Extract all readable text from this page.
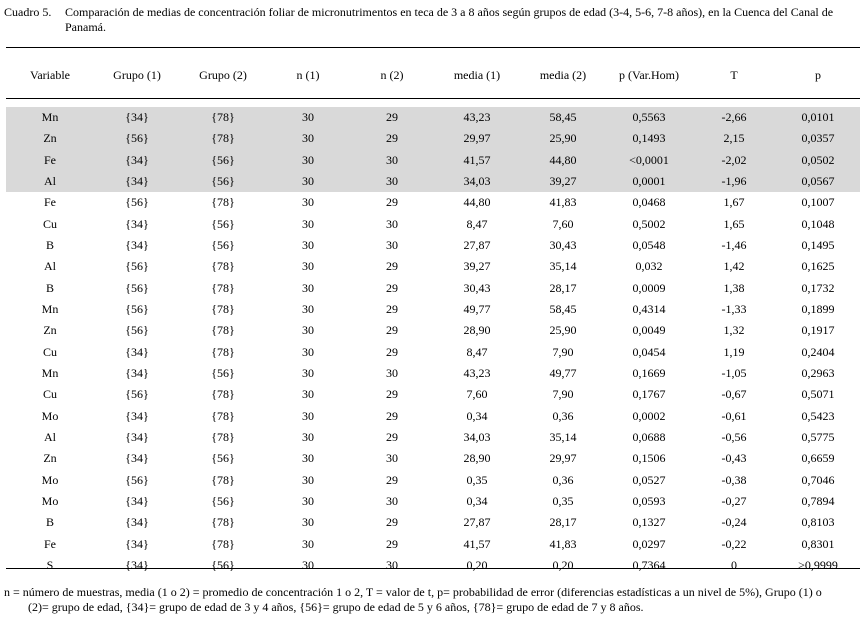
Cuadro 5. Comparación de medias de concentración foliar de micronutrimentos en teca de 3 a 8 años según grupos de edad (3-4, 5-6, 7-8 años), en la Cuenca del Canal de Panamá.
Variable	Grupo (1)	Grupo (2)	n (1)	n (2)	media (1)	media (2)	p (Var.Hom)	T	p

Mn	{34}	{78}	30	29	43,23	58,45	0,5563	-2,66	0,0101
Zn	{56}	{78}	30	29	29,97	25,90	0,1493	2,15	0,0357
Fe	{34}	{56}	30	30	41,57	44,80	<0,0001	-2,02	0,0502
Al	{34}	{56}	30	30	34,03	39,27	0,0001	-1,96	0,0567
Fe	{56}	{78}	30	29	44,80	41,83	0,0468	1,67	0,1007
Cu	{34}	{56}	30	30	8,47	7,60	0,5002	1,65	0,1048
B	{34}	{56}	30	30	27,87	30,43	0,0548	-1,46	0,1495
Al	{56}	{78}	30	29	39,27	35,14	0,032	1,42	0,1625
B	{56}	{78}	30	29	30,43	28,17	0,0009	1,38	0,1732
Mn	{56}	{78}	30	29	49,77	58,45	0,4314	-1,33	0,1899
Zn	{56}	{78}	30	29	28,90	25,90	0,0049	1,32	0,1917
Cu	{34}	{78}	30	29	8,47	7,90	0,0454	1,19	0,2404
Mn	{34}	{56}	30	30	43,23	49,77	0,1669	-1,05	0,2963
Cu	{56}	{78}	30	29	7,60	7,90	0,1767	-0,67	0,5071
Mo	{34}	{78}	30	29	0,34	0,36	0,0002	-0,61	0,5423
Al	{34}	{78}	30	29	34,03	35,14	0,0688	-0,56	0,5775
Zn	{34}	{56}	30	30	28,90	29,97	0,1506	-0,43	0,6659
Mo	{56}	{78}	30	29	0,35	0,36	0,0527	-0,38	0,7046
Mo	{34}	{56}	30	30	0,34	0,35	0,0593	-0,27	0,7894
B	{34}	{78}	30	29	27,87	28,17	0,1327	-0,24	0,8103
Fe	{34}	{78}	30	29	41,57	41,83	0,0297	-0,22	0,8301
S	{34}	{56}	30	30	0,20	0,20	0,7364	0	>0,9999
n = número de muestras, media (1 o 2) = promedio de concentración 1 o 2, T = valor de t, p= probabilidad de error (diferencias estadísticas a un nivel de 5%), Grupo (1) o
(2)= grupo de edad, {34}= grupo de edad de 3 y 4 años, {56}= grupo de edad de 5 y 6 años, {78}= grupo de edad de 7 y 8 años.
